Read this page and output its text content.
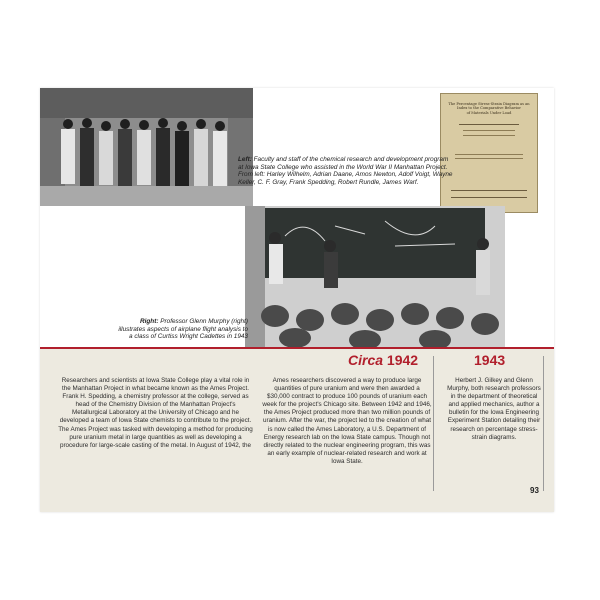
The Percentage Stress-Strain Diagram as an
Index to the Comparative Behavior
of Materials Under Load
Left: Faculty and staff of the chemical research and development program at Iowa State College who assisted in the World War II Manhattan Project. From left: Harley Wilhelm, Adrian Daane, Amos Newton, Adolf Voigt, Wayne Keller, C. F. Gray, Frank Spedding, Robert Rundle, James Warf.
Right: Professor Glenn Murphy (right) illustrates aspects of airplane flight analysis to a class of Curtiss Wright Cadettes in 1943
Researchers and scientists at Iowa State College play a vital role in the Manhattan Project in what became known as the Ames Project. Frank H. Spedding, a chemistry professor at the college, served as head of the Chemistry Division of the Manhattan Project's Metallurgical Laboratory at the University of Chicago and he developed a team of Iowa State chemists to contribute to the project. The Ames Project was tasked with developing a method for producing pure uranium metal in large quantities as well as developing a procedure for large-scale casting of the metal. In August of 1942, the
Circa 1942
Ames researchers discovered a way to produce large quantities of pure uranium and were then awarded a $30,000 contract to produce 100 pounds of uranium each week for the project's Chicago site. Between 1942 and 1946, the Ames Project produced more than two million pounds of uranium. After the war, the project led to the creation of what is now called the Ames Laboratory, a U.S. Department of Energy research lab on the Iowa State campus. Though not directly related to the nuclear engineering program, this was an early example of nuclear-related research and work at Iowa State.
1943
Herbert J. Gilkey and Glenn Murphy, both research professors in the department of theoretical and applied mechanics, author a bulletin for the Iowa Engineering Experiment Station detailing their research on percentage stress-strain diagrams.
93
